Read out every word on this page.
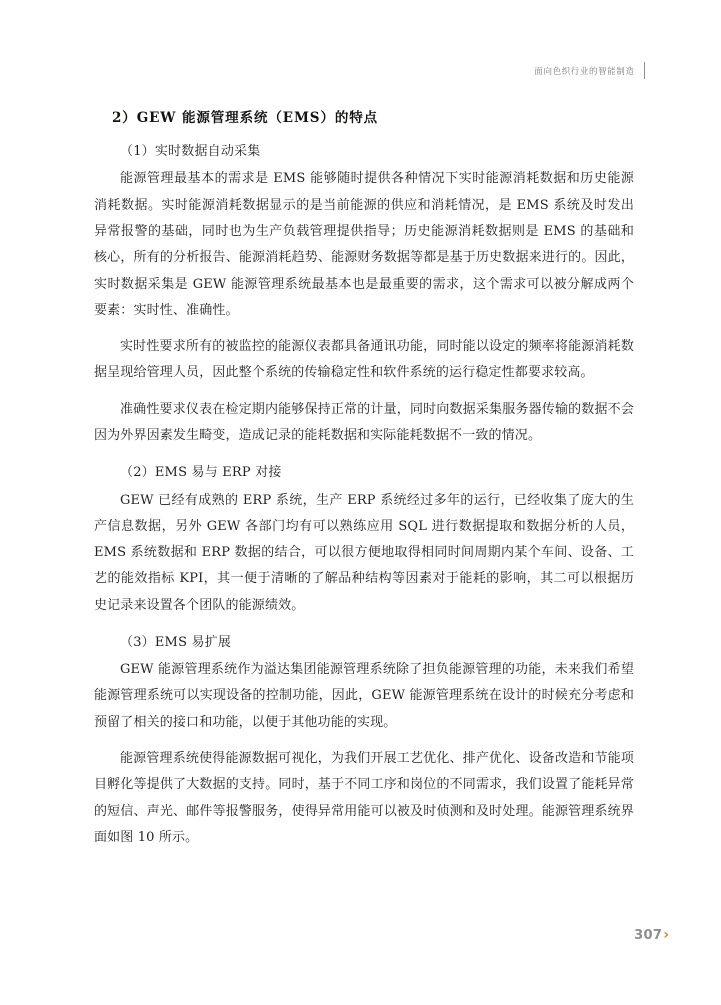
面向色织行业的智能制造
2）GEW 能源管理系统（EMS）的特点
（1）实时数据自动采集

能源管理最基本的需求是 EMS 能够随时提供各种情况下实时能源消耗数据和历史能源消耗数据。实时能源消耗数据显示的是当前能源的供应和消耗情况，是 EMS 系统及时发出异常报警的基础，同时也为生产负载管理提供指导；历史能源消耗数据则是 EMS 的基础和核心，所有的分析报告、能源消耗趋势、能源财务数据等都是基于历史数据来进行的。因此，实时数据采集是 GEW 能源管理系统最基本也是最重要的需求，这个需求可以被分解成两个要素：实时性、准确性。

实时性要求所有的被监控的能源仪表都具备通讯功能，同时能以设定的频率将能源消耗数据呈现给管理人员，因此整个系统的传输稳定性和软件系统的运行稳定性都要求较高。

准确性要求仪表在检定期内能够保持正常的计量，同时向数据采集服务器传输的数据不会因为外界因素发生畸变，造成记录的能耗数据和实际能耗数据不一致的情况。

（2）EMS 易与 ERP 对接

GEW 已经有成熟的 ERP 系统，生产 ERP 系统经过多年的运行，已经收集了庞大的生产信息数据，另外 GEW 各部门均有可以熟练应用 SQL 进行数据提取和数据分析的人员，EMS 系统数据和 ERP 数据的结合，可以很方便地取得相同时间周期内某个车间、设备、工艺的能效指标 KPI，其一便于清晰的了解品种结构等因素对于能耗的影响，其二可以根据历史记录来设置各个团队的能源绩效。

（3）EMS 易扩展

GEW 能源管理系统作为溢达集团能源管理系统除了担负能源管理的功能，未来我们希望能源管理系统可以实现设备的控制功能，因此，GEW 能源管理系统在设计的时候充分考虑和预留了相关的接口和功能，以便于其他功能的实现。

能源管理系统使得能源数据可视化，为我们开展工艺优化、排产优化、设备改造和节能项目孵化等提供了大数据的支持。同时，基于不同工序和岗位的不同需求，我们设置了能耗异常的短信、声光、邮件等报警服务，使得异常用能可以被及时侦测和及时处理。能源管理系统界面如图 10 所示。

307 ›
